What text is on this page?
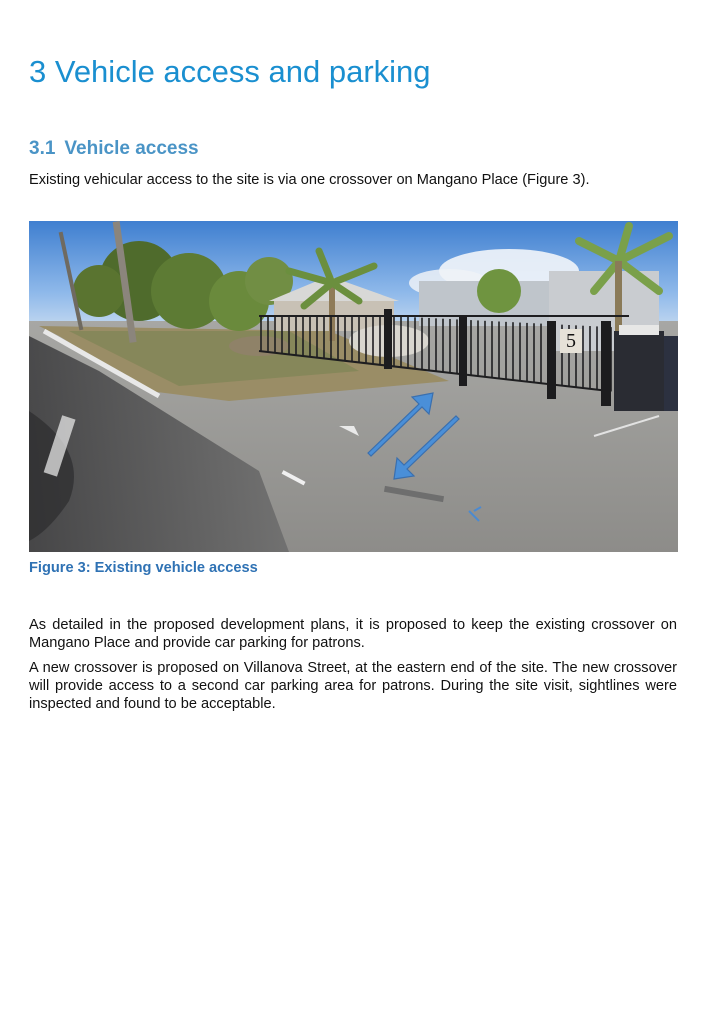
3 Vehicle access and parking
3.1 Vehicle access

Existing vehicular access to the site is via one crossover on Mangano Place (Figure 3).

5

Figure 3: Existing vehicle access

As detailed in the proposed development plans, it is proposed to keep the existing crossover on Mangano Place and provide car parking for patrons.

A new crossover is proposed on Villanova Street, at the eastern end of the site. The new crossover will provide access to a second car parking area for patrons. During the site visit, sightlines were inspected and found to be acceptable.
